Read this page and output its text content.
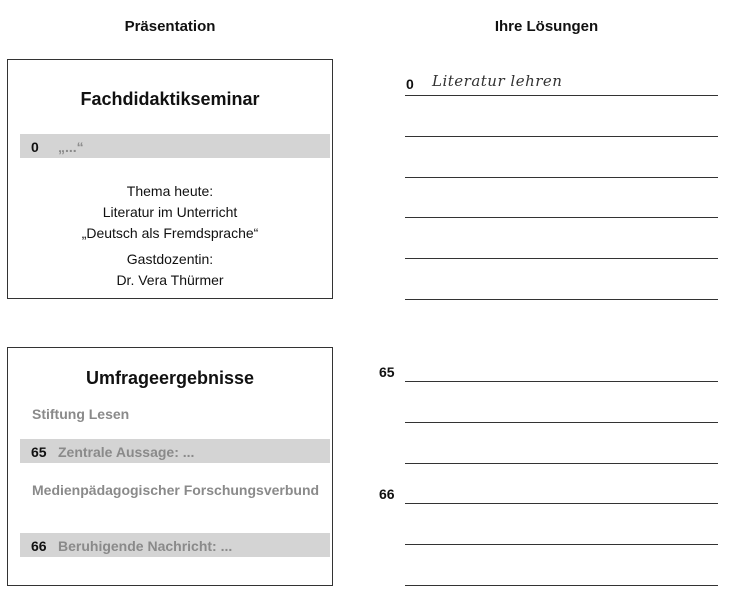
Präsentation	Ihre Lösungen
Fachdidaktikseminar
0 „...“
Thema heute:
Literatur im Unterricht
„Deutsch als Fremdsprache“
Gastdozentin:
Dr. Vera Thürmer
Umfrageergebnisse
Stiftung Lesen
65 Zentrale Aussage: ...
Medienpädagogischer Forschungsverbund
66 Beruhigende Nachricht: ...
0 Literatur lehren
65
66
